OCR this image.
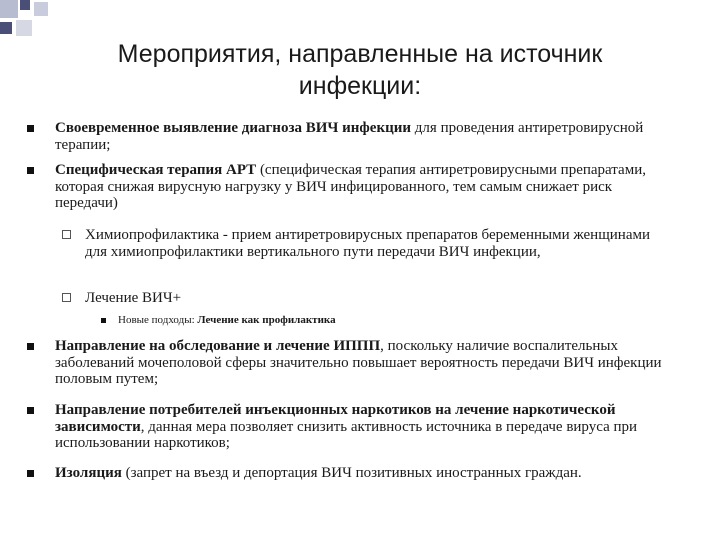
Мероприятия, направленные на источник инфекции:
Своевременное выявление диагноза ВИЧ инфекции для проведения антиретровирусной терапии;
Специфическая терапия АРТ (специфическая терапия антиретровирусными препаратами, которая снижая вирусную нагрузку у ВИЧ инфицированного, тем самым снижает риск передачи)
Химиопрофилактика - прием антиретровирусных препаратов беременными женщинами для химиопрофилактики вертикального пути передачи ВИЧ инфекции,
Лечение ВИЧ+
Новые подходы: Лечение как профилактика
Направление на обследование и лечение ИППП, поскольку наличие воспалительных заболеваний мочеполовой сферы значительно повышает вероятность передачи ВИЧ инфекции половым путем;
Направление потребителей инъекционных наркотиков на лечение наркотической зависимости, данная мера позволяет снизить активность источника в передаче вируса при использовании наркотиков;
Изоляция (запрет на въезд и депортация ВИЧ позитивных иностранных граждан.
